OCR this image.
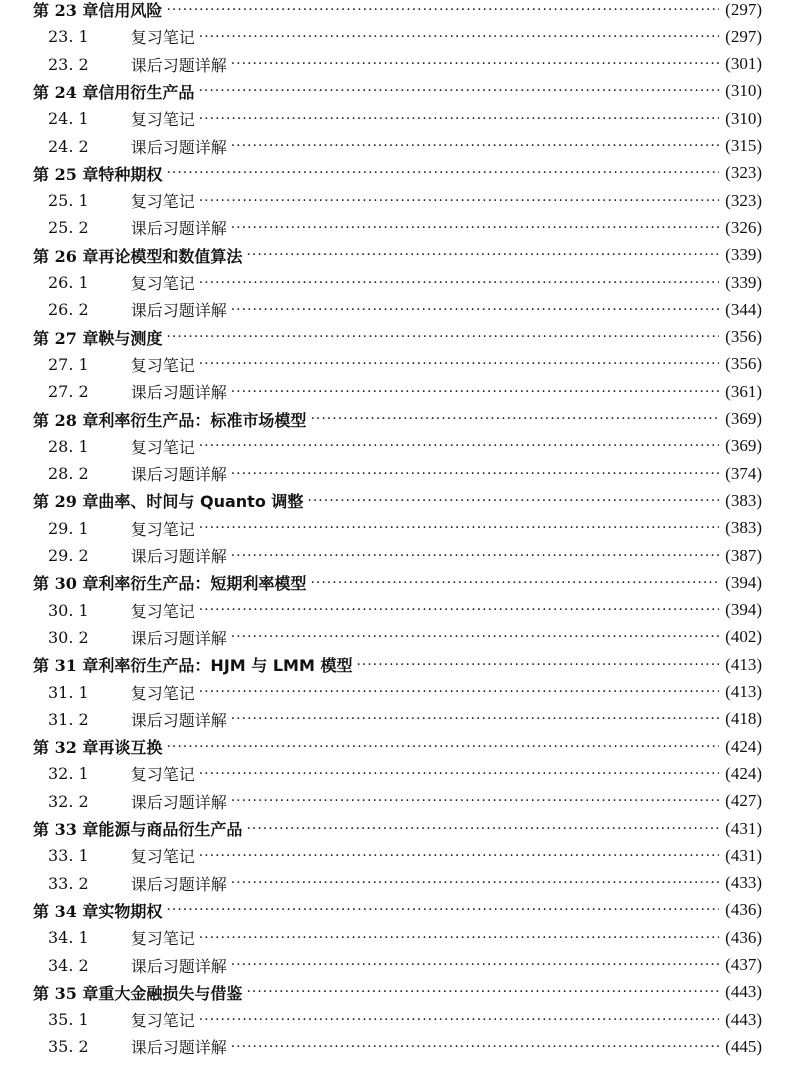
第 23 章 信用风险 ·····	(297)
23. 1	复习笔记 ·····	(297)
23. 2	课后习题详解 ·····	(301)
第 24 章 信用衍生产品 ·····	(310)
24. 1	复习笔记 ·····	(310)
24. 2	课后习题详解 ·····	(315)
第 25 章 特种期权 ·····	(323)
25. 1	复习笔记 ·····	(323)
25. 2	课后习题详解 ·····	(326)
第 26 章 再论模型和数值算法 ·····	(339)
26. 1	复习笔记 ·····	(339)
26. 2	课后习题详解 ·····	(344)
第 27 章 鞅与测度 ·····	(356)
27. 1	复习笔记 ·····	(356)
27. 2	课后习题详解 ·····	(361)
第 28 章 利率衍生产品：标准市场模型 ·····	(369)
28. 1	复习笔记 ·····	(369)
28. 2	课后习题详解 ·····	(374)
第 29 章 曲率、时间与 Quanto 调整 ·····	(383)
29. 1	复习笔记 ·····	(383)
29. 2	课后习题详解 ·····	(387)
第 30 章 利率衍生产品：短期利率模型 ·····	(394)
30. 1	复习笔记 ·····	(394)
30. 2	课后习题详解 ·····	(402)
第 31 章 利率衍生产品：HJM 与 LMM 模型 ·····	(413)
31. 1	复习笔记 ·····	(413)
31. 2	课后习题详解 ·····	(418)
第 32 章 再谈互换 ·····	(424)
32. 1	复习笔记 ·····	(424)
32. 2	课后习题详解 ·····	(427)
第 33 章 能源与商品衍生产品 ·····	(431)
33. 1	复习笔记 ·····	(431)
33. 2	课后习题详解 ·····	(433)
第 34 章 实物期权 ·····	(436)
34. 1	复习笔记 ·····	(436)
34. 2	课后习题详解 ·····	(437)
第 35 章 重大金融损失与借鉴 ·····	(443)
35. 1	复习笔记 ·····	(443)
35. 2	课后习题详解 ·····	(445)
